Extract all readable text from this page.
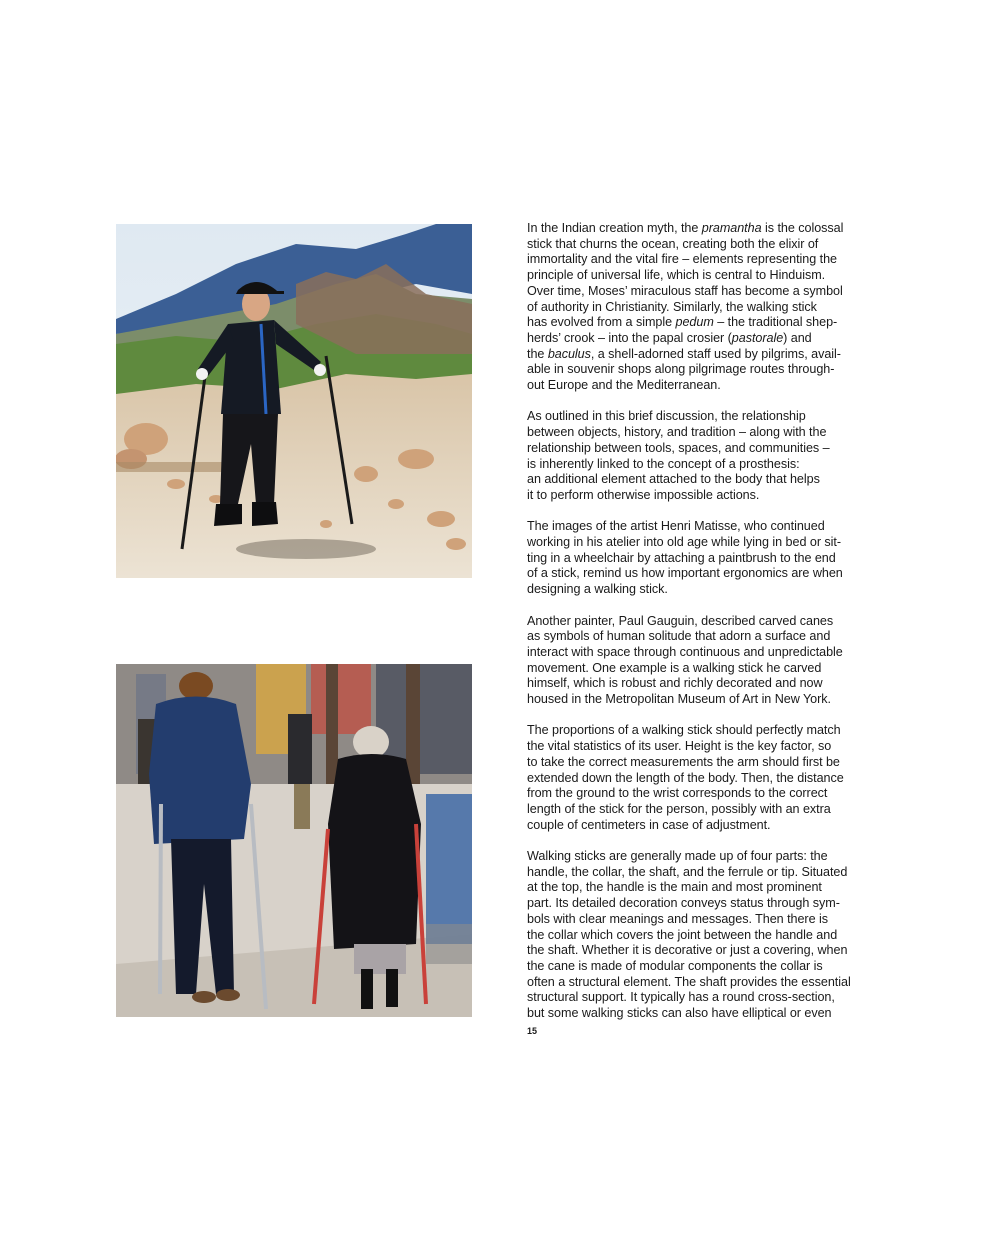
In the Indian creation myth, the pramantha is the colossal
stick that churns the ocean, creating both the elixir of
immortality and the vital fire – elements representing the
principle of universal life, which is central to Hinduism.
Over time, Moses’ miraculous staff has become a symbol
of authority in Christianity. Similarly, the walking stick
has evolved from a simple pedum – the traditional shep-
herds’ crook – into the papal crosier (pastorale) and
the baculus, a shell-adorned staff used by pilgrims, avail-
able in souvenir shops along pilgrimage routes through-
out Europe and the Mediterranean.

As outlined in this brief discussion, the relationship
between objects, history, and tradition – along with the
relationship between tools, spaces, and communities –
is inherently linked to the concept of a prosthesis:
an additional element attached to the body that helps
it to perform otherwise impossible actions.

The images of the artist Henri Matisse, who continued
working in his atelier into old age while lying in bed or sit-
ting in a wheelchair by attaching a paintbrush to the end
of a stick, remind us how important ergonomics are when
designing a walking stick.

Another painter, Paul Gauguin, described carved canes
as symbols of human solitude that adorn a surface and
interact with space through continuous and unpredictable
movement. One example is a walking stick he carved
himself, which is robust and richly decorated and now
housed in the Metropolitan Museum of Art in New York.

The proportions of a walking stick should perfectly match
the vital statistics of its user. Height is the key factor, so
to take the correct measurements the arm should first be
extended down the length of the body. Then, the distance
from the ground to the wrist corresponds to the correct
length of the stick for the person, possibly with an extra
couple of centimeters in case of adjustment.

Walking sticks are generally made up of four parts: the
handle, the collar, the shaft, and the ferrule or tip. Situated
at the top, the handle is the main and most prominent
part. Its detailed decoration conveys status through sym-
bols with clear meanings and messages. Then there is
the collar which covers the joint between the handle and
the shaft. Whether it is decorative or just a covering, when
the cane is made of modular components the collar is
often a structural element. The shaft provides the essential
structural support. It typically has a round cross-section,
but some walking sticks can also have elliptical or even

15
